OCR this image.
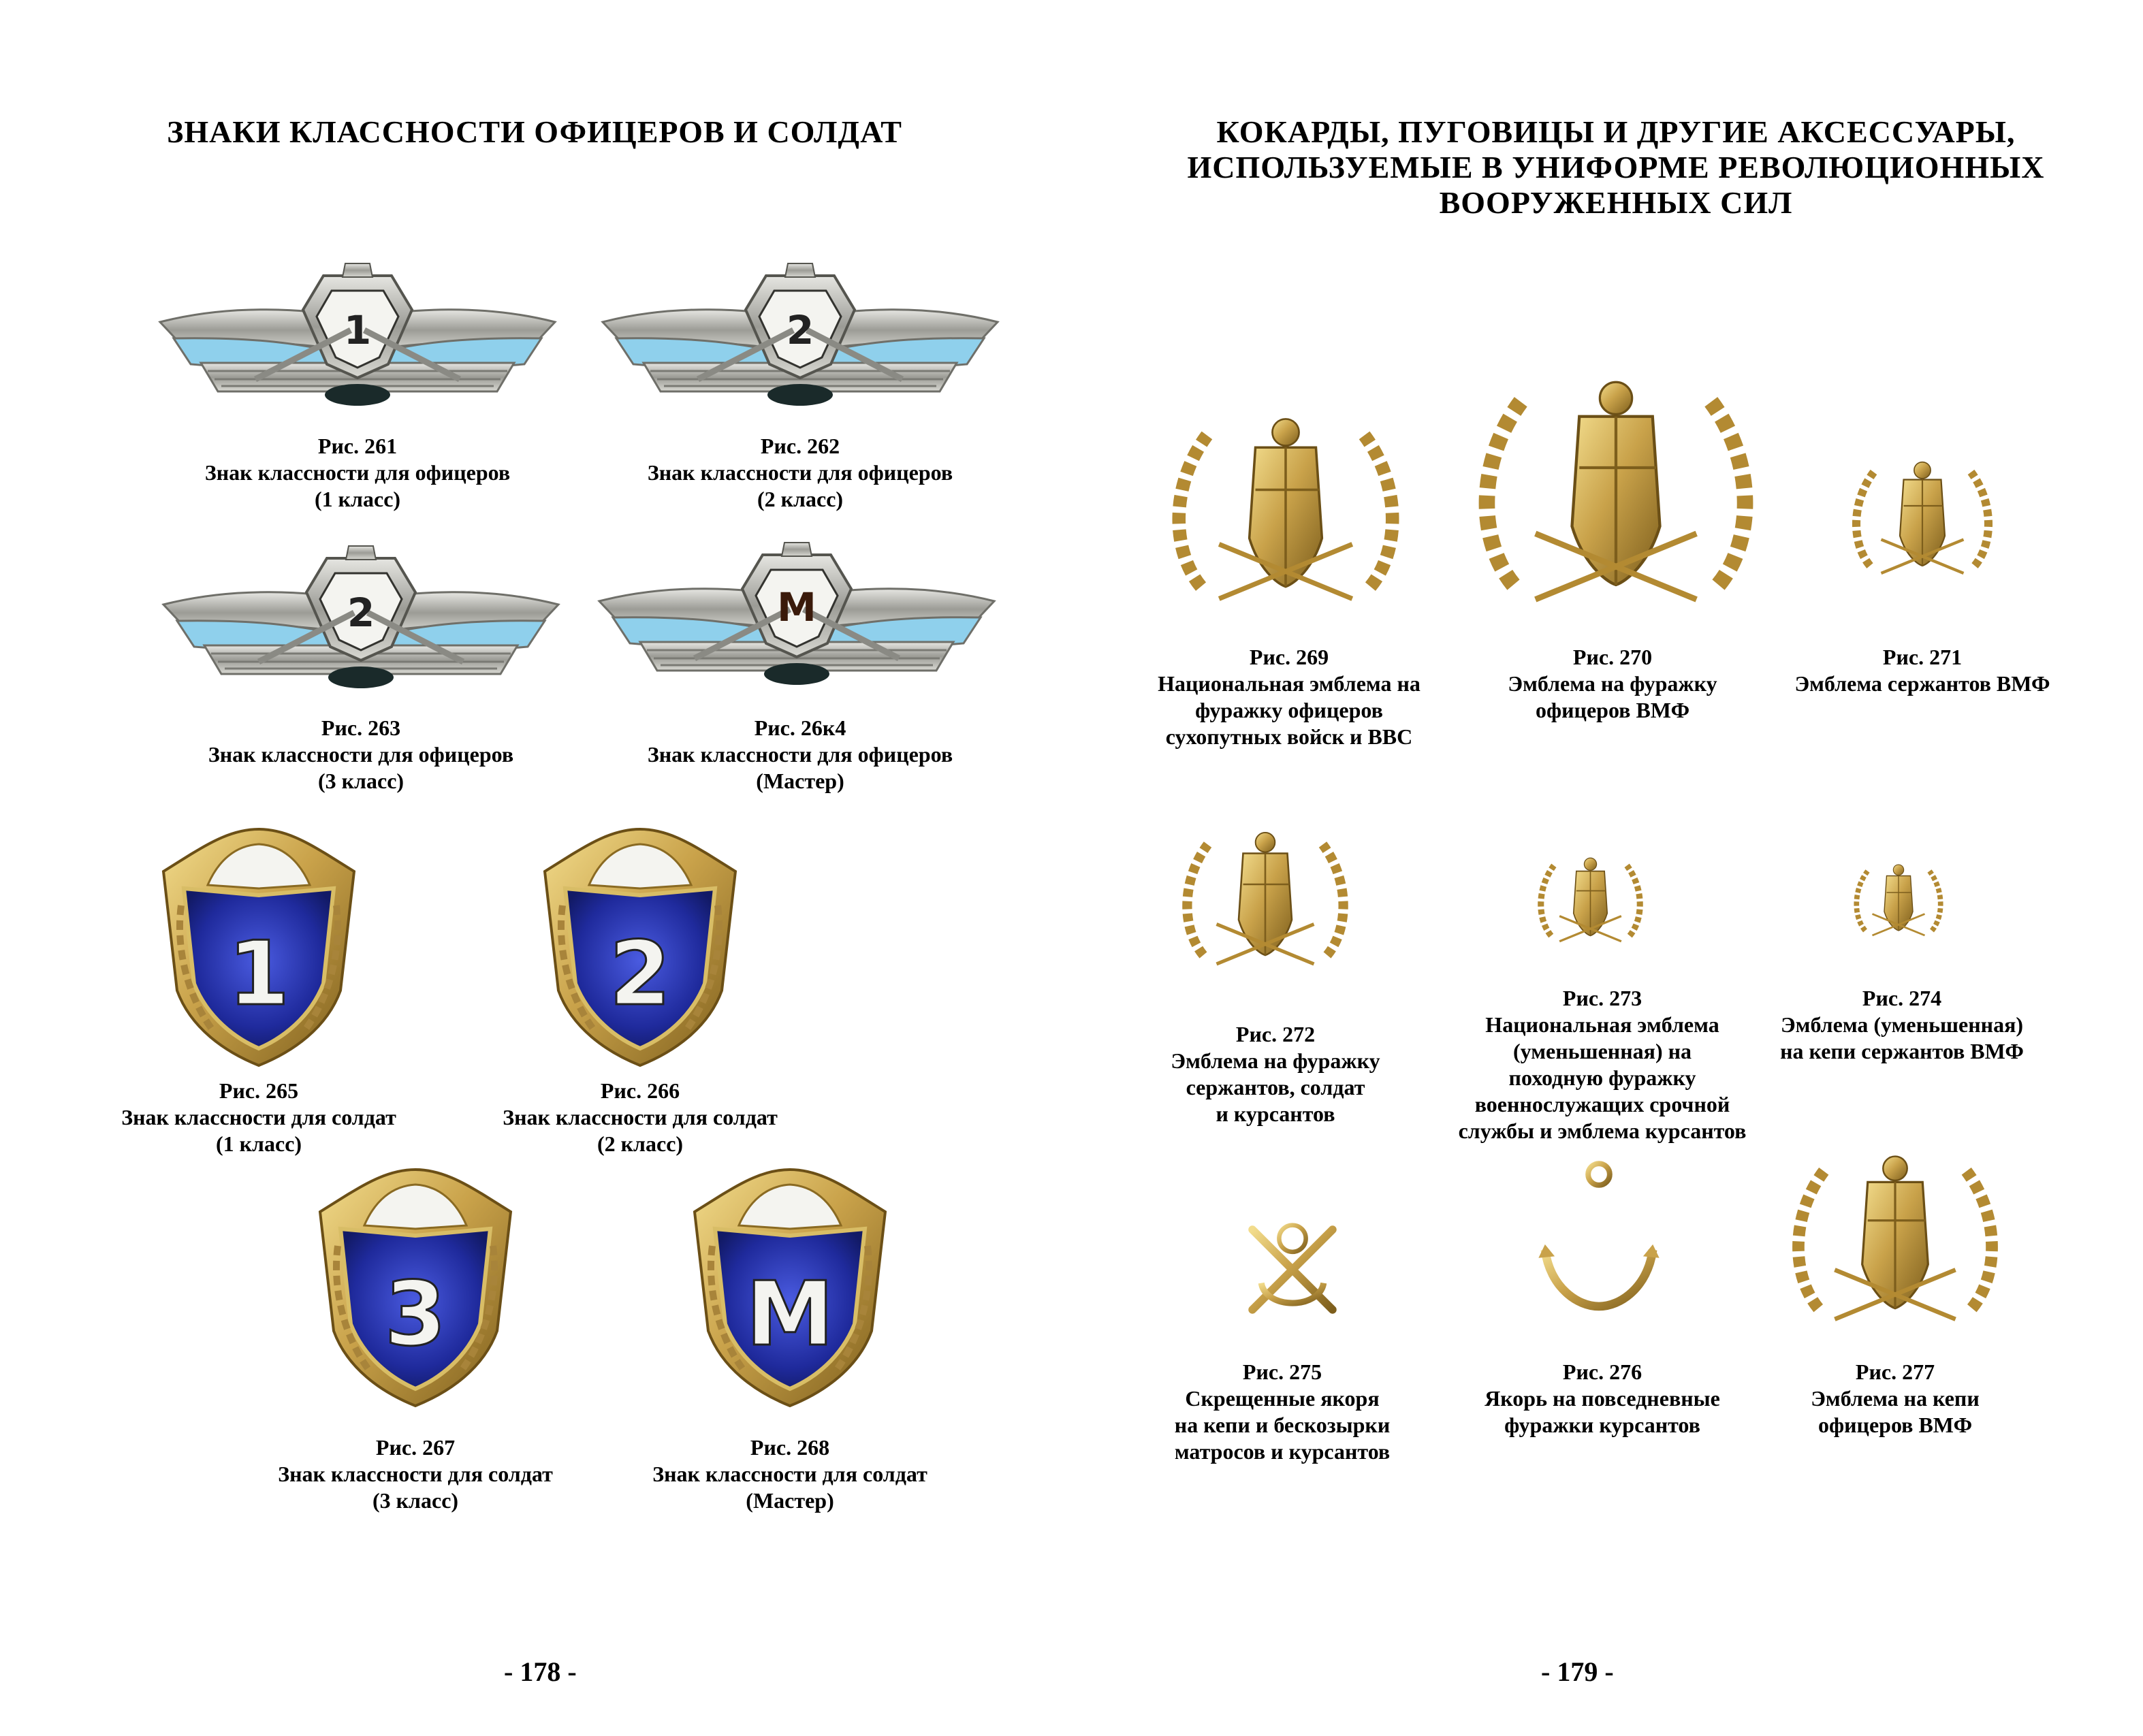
ЗНАКИ КЛАССНОСТИ ОФИЦЕРОВ И СОЛДАТ
1	2
Рис. 261
Знак классности для офицеров
(1 класс)
Рис. 262
Знак классности для офицеров
(2 класс)
2	М
Рис. 263
Знак классности для офицеров
(3 класс)
Рис. 26к4
Знак классности для офицеров
(Мастер)
1	2
Рис. 265
Знак классности для солдат
(1 класс)
Рис. 266
Знак классности для солдат
(2 класс)
3	М
Рис. 267
Знак классности для солдат
(3 класс)
Рис. 268
Знак классности для солдат
(Мастер)
- 178 -
КОКАРДЫ, ПУГОВИЦЫ И ДРУГИЕ АКСЕССУАРЫ,
ИСПОЛЬЗУЕМЫЕ В УНИФОРМЕ РЕВОЛЮЦИОННЫХ
ВООРУЖЕННЫХ СИЛ
Рис. 269
Национальная эмблема на
фуражку офицеров
сухопутных войск и ВВС
Рис. 270
Эмблема на фуражку
офицеров ВМФ
Рис. 271
Эмблема сержантов ВМФ
Рис. 272
Эмблема на фуражку
сержантов, солдат
и курсантов
Рис. 273
Национальная эмблема
(уменьшенная) на
походную фуражку
военнослужащих срочной
службы и эмблема курсантов
Рис. 274
Эмблема (уменьшенная)
на кепи сержантов ВМФ
Рис. 275
Скрещенные якоря
на кепи и бескозырки
матросов и курсантов
Рис. 276
Якорь на повседневные
фуражки курсантов
Рис. 277
Эмблема на кепи
офицеров ВМФ
- 179 -
